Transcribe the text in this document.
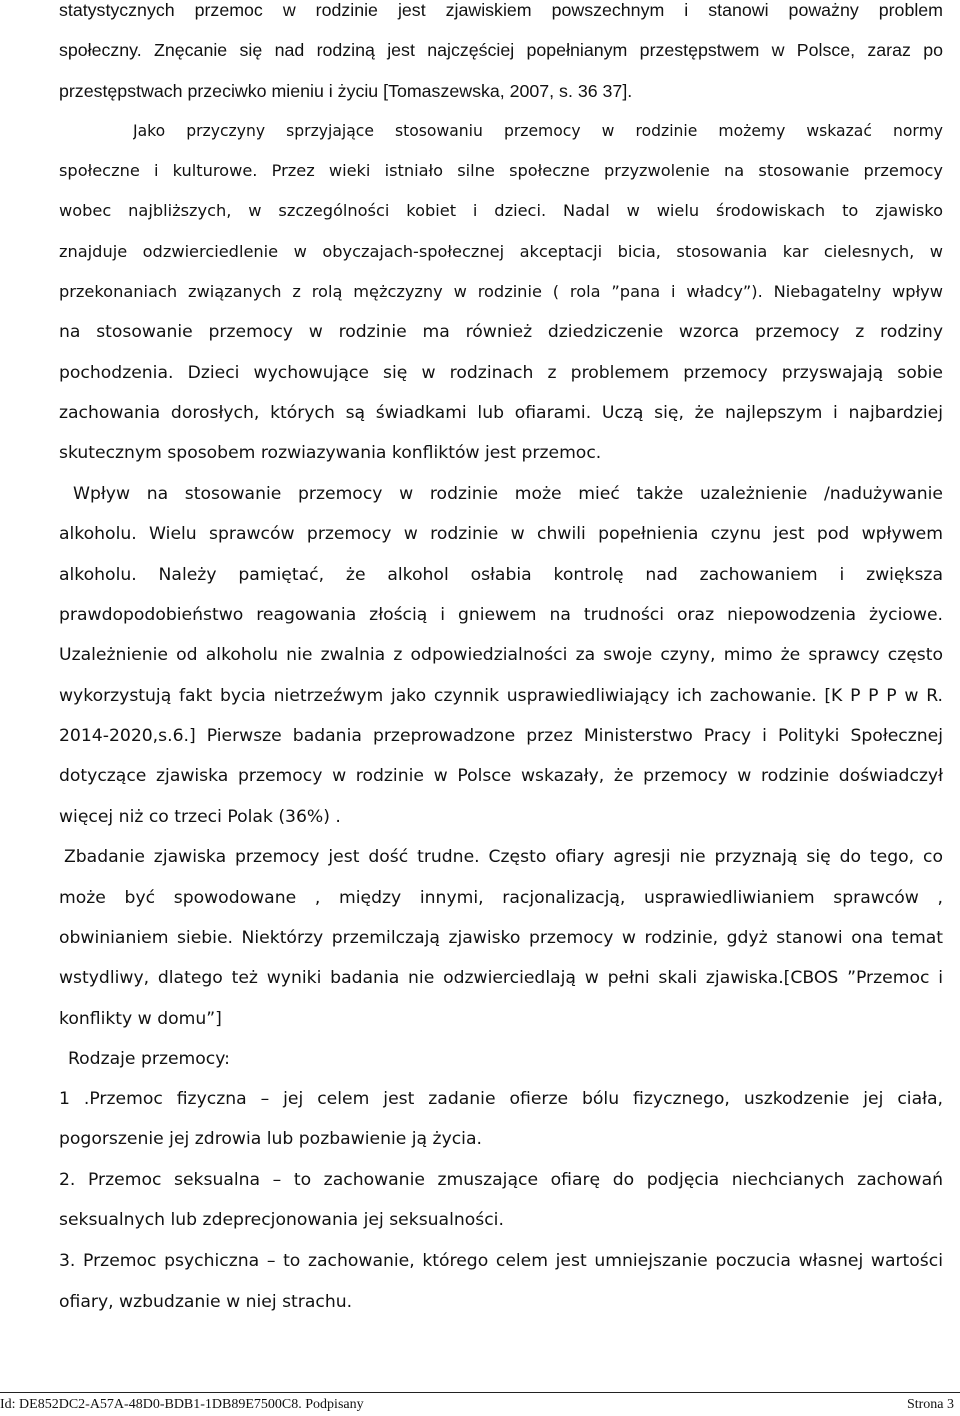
statystycznych przemoc w rodzinie jest zjawiskiem powszechnym i stanowi poważny problem
społeczny. Znęcanie się nad rodziną jest najczęściej popełnianym przestępstwem w Polsce, zaraz po
przestępstwach przeciwko mieniu i życiu [Tomaszewska, 2007, s. 36 37].
Jako przyczyny sprzyjające stosowaniu przemocy w rodzinie możemy wskazać normy
społeczne i kulturowe. Przez wieki istniało silne społeczne przyzwolenie na stosowanie przemocy
wobec najbliższych, w szczególności kobiet i dzieci. Nadal w wielu środowiskach to zjawisko
znajduje odzwierciedlenie w obyczajach-społecznej akceptacji bicia, stosowania kar cielesnych, w
przekonaniach związanych z rolą mężczyzny w rodzinie ( rola ”pana i władcy”). Niebagatelny wpływ
na stosowanie przemocy w rodzinie ma również dziedziczenie wzorca przemocy z rodziny
pochodzenia. Dzieci wychowujące się w rodzinach z problemem przemocy przyswajają sobie
zachowania dorosłych, których są świadkami lub ofiarami. Uczą się, że najlepszym i najbardziej
skutecznym sposobem rozwiazywania konfliktów jest przemoc.
Wpływ na stosowanie przemocy w rodzinie może mieć także uzależnienie /nadużywanie
alkoholu. Wielu sprawców przemocy w rodzinie w chwili popełnienia czynu jest pod wpływem
alkoholu. Należy pamiętać, że alkohol osłabia kontrolę nad zachowaniem i zwiększa
prawdopodobieństwo reagowania złością i gniewem na trudności oraz niepowodzenia życiowe.
Uzależnienie od alkoholu nie zwalnia z odpowiedzialności za swoje czyny, mimo że sprawcy często
wykorzystują fakt bycia nietrzeźwym jako czynnik usprawiedliwiający ich zachowanie. [K P P P w R.
2014-2020,s.6.] Pierwsze badania przeprowadzone przez Ministerstwo Pracy i Polityki Społecznej
dotyczące zjawiska przemocy w rodzinie w Polsce wskazały, że przemocy w rodzinie doświadczył
więcej niż co trzeci Polak (36%) .
Zbadanie zjawiska przemocy jest dość trudne. Często ofiary agresji nie przyznają się do tego, co
może być spowodowane , między innymi, racjonalizacją, usprawiedliwianiem sprawców ,
obwinianiem siebie. Niektórzy przemilczają zjawisko przemocy w rodzinie, gdyż stanowi ona temat
wstydliwy, dlatego też wyniki badania nie odzwierciedlają w pełni skali zjawiska.[CBOS ”Przemoc i
konflikty w domu”]
Rodzaje przemocy:
1 .Przemoc fizyczna – jej celem jest zadanie ofierze bólu fizycznego, uszkodzenie jej ciała,
pogorszenie jej zdrowia lub pozbawienie ją życia.
2. Przemoc seksualna – to zachowanie zmuszające ofiarę do podjęcia niechcianych zachowań
seksualnych lub zdeprecjonowania jej seksualności.
3. Przemoc psychiczna – to zachowanie, którego celem jest umniejszanie poczucia własnej wartości
ofiary, wzbudzanie w niej strachu.
Id: DE852DC2-A57A-48D0-BDB1-1DB89E7500C8. Podpisany	Strona 3
